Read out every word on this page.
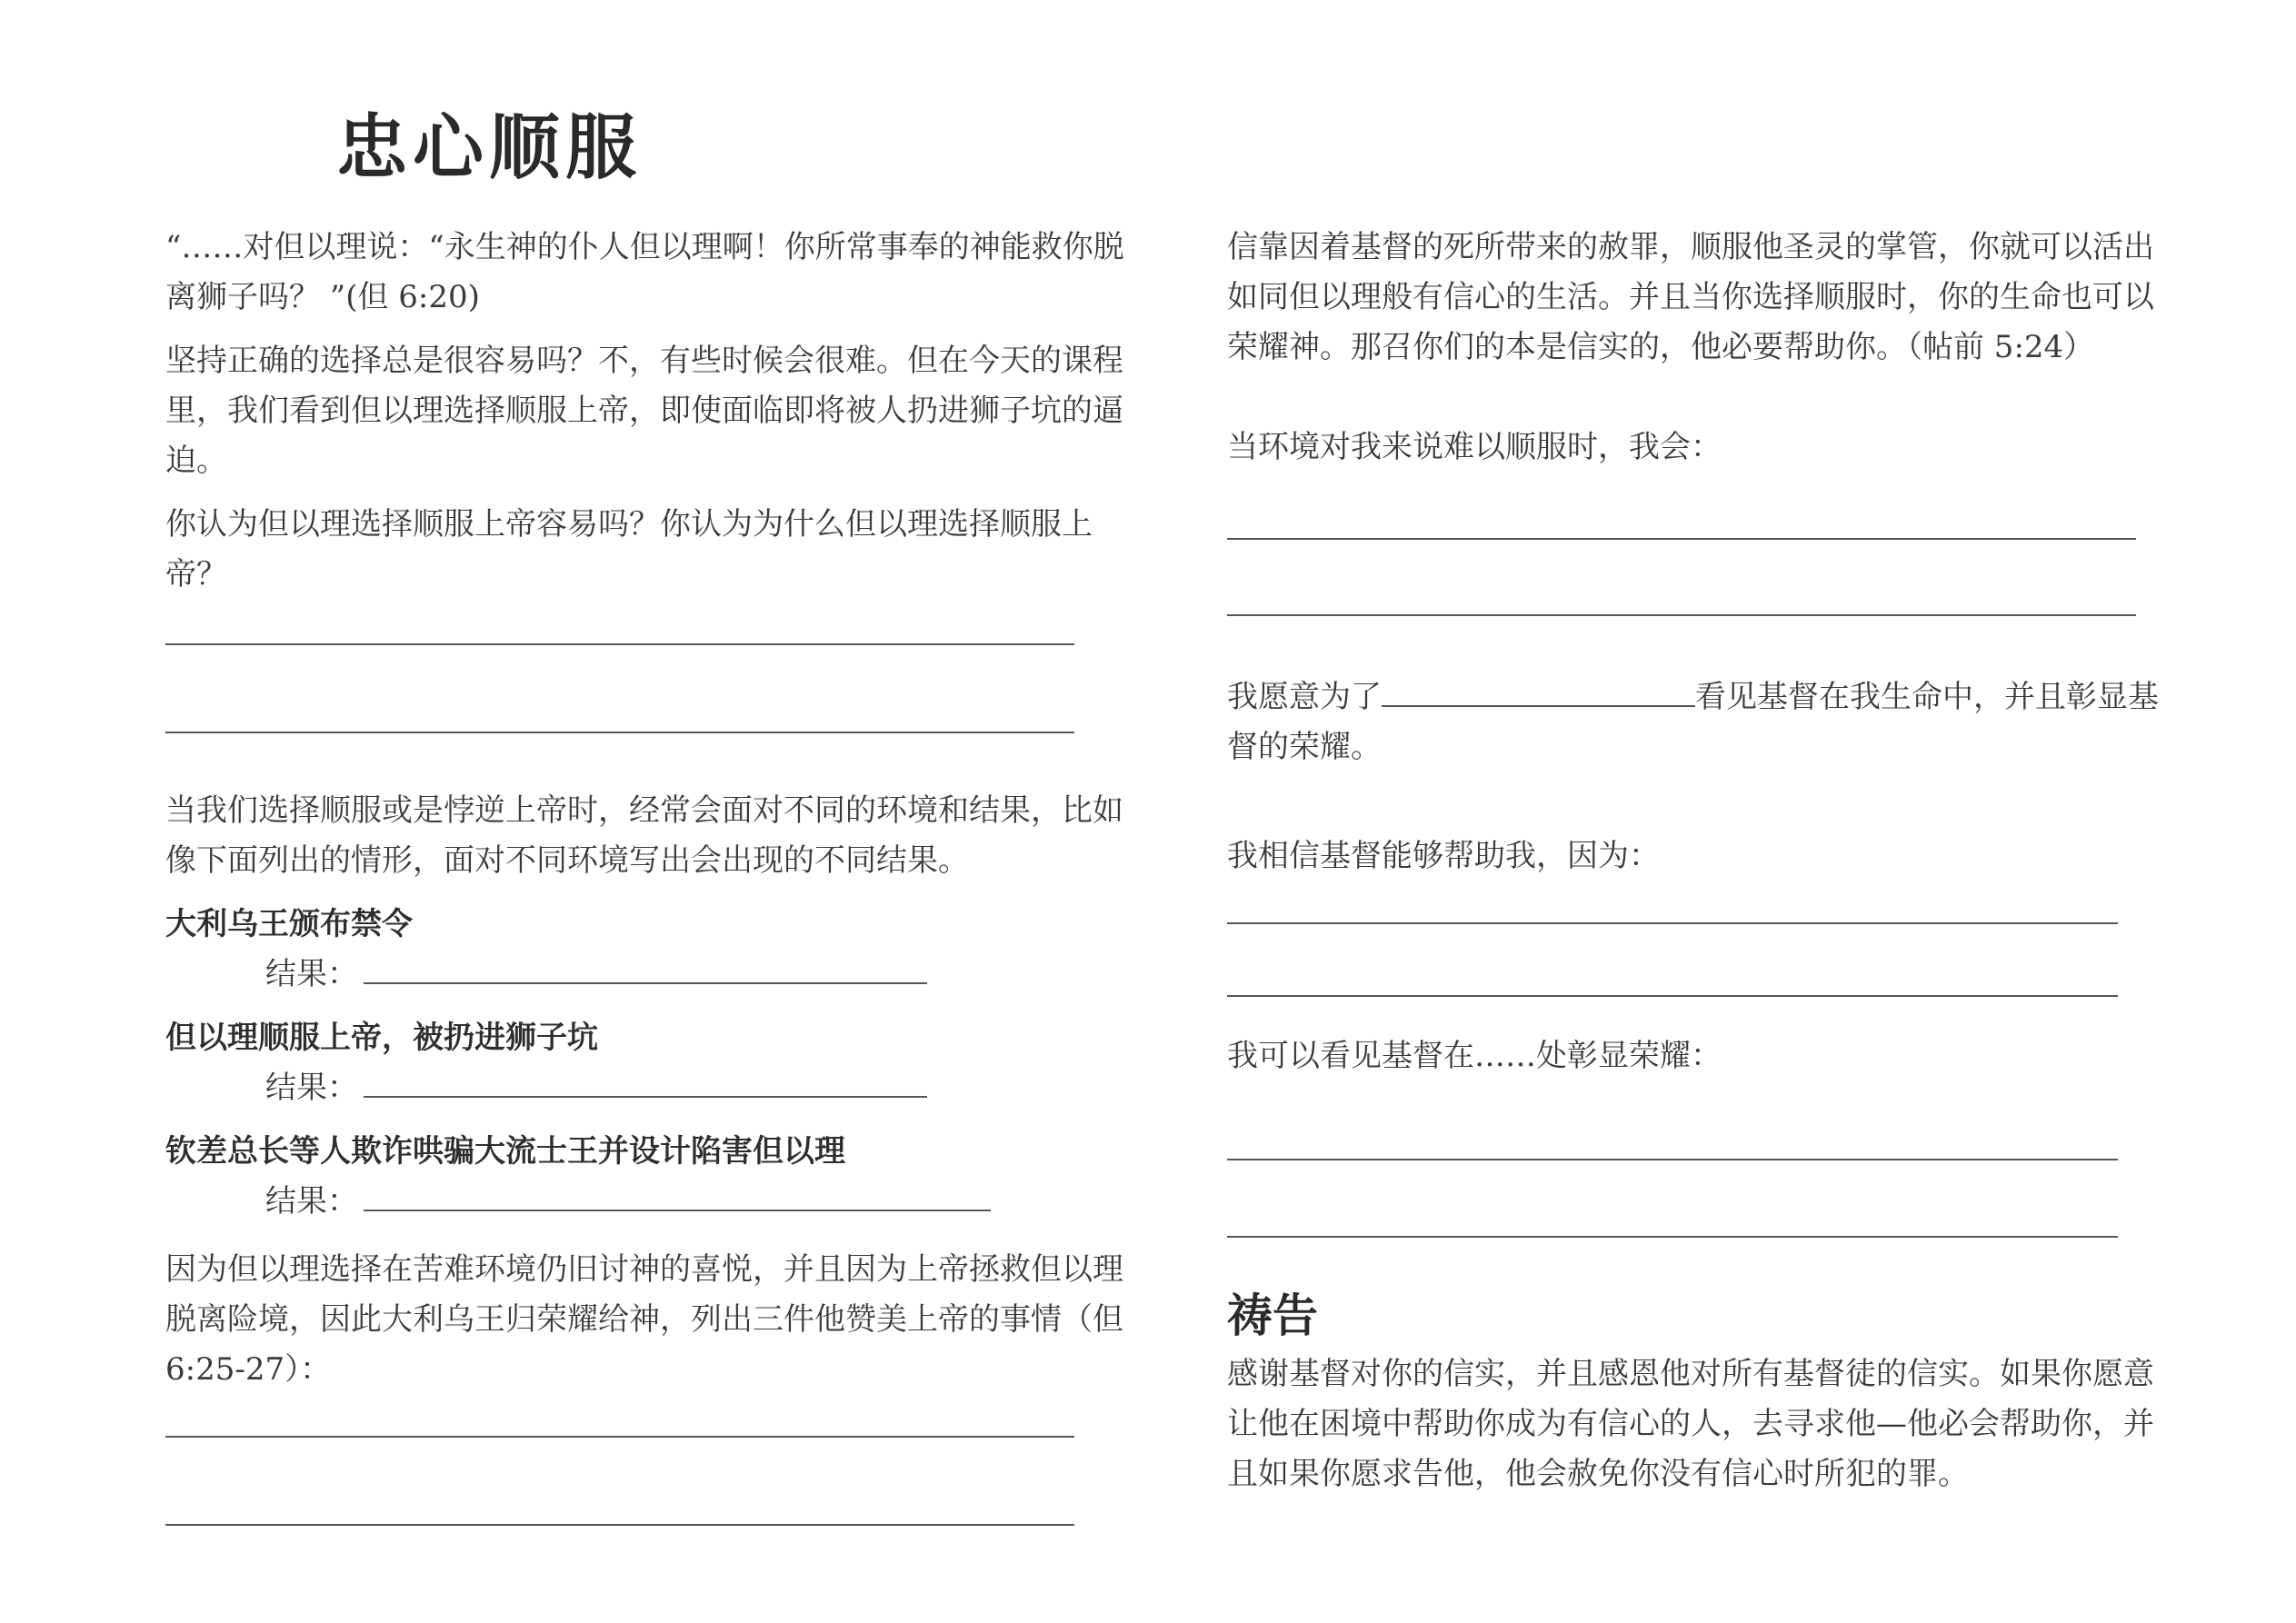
忠心顺服

“……对但以理说：“永生神的仆人但以理啊！你所常事奉的神能救你脱离狮子吗？ ”(但 6:20)

坚持正确的选择总是很容易吗？不，有些时候会很难。但在今天的课程里，我们看到但以理选择顺服上帝，即使面临即将被人扔进狮子坑的逼迫。

你认为但以理选择顺服上帝容易吗？你认为为什么但以理选择顺服上帝？

当我们选择顺服或是悖逆上帝时，经常会面对不同的环境和结果，比如像下面列出的情形，面对不同环境写出会出现的不同结果。

大利乌王颁布禁令
结果：
但以理顺服上帝，被扔进狮子坑
结果：
钦差总长等人欺诈哄骗大流士王并设计陷害但以理
结果：

因为但以理选择在苦难环境仍旧讨神的喜悦，并且因为上帝拯救但以理脱离险境，因此大利乌王归荣耀给神，列出三件他赞美上帝的事情（但 6:25-27）：

信靠因着基督的死所带来的赦罪，顺服他圣灵的掌管，你就可以活出如同但以理般有信心的生活。并且当你选择顺服时，你的生命也可以荣耀神。那召你们的本是信实的，他必要帮助你。（帖前 5:24）

当环境对我来说难以顺服时，我会：

我愿意为了	看见基督在我生命中，并且彰显基督的荣耀。

我相信基督能够帮助我，因为：

我可以看见基督在……处彰显荣耀：

祷告

感谢基督对你的信实，并且感恩他对所有基督徒的信实。如果你愿意让他在困境中帮助你成为有信心的人，去寻求他—他必会帮助你，并且如果你愿求告他，他会赦免你没有信心时所犯的罪。
